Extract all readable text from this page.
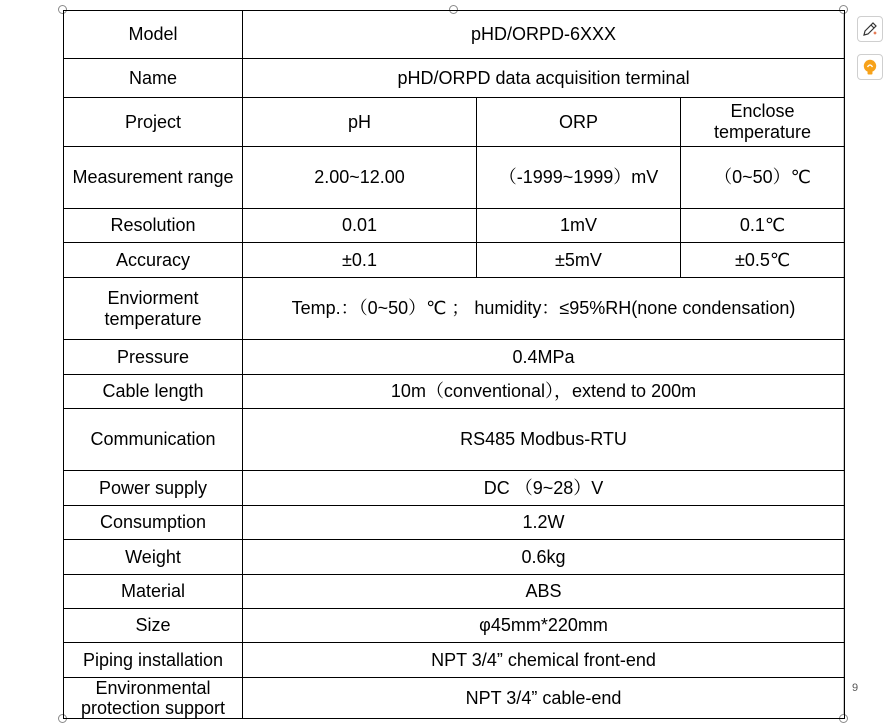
Model	pHD/ORPD-6XXX		
Name	pHD/ORPD data acquisition terminal		
Project	pH	ORP	Enclose temperature
Measurement range	2.00~12.00	（-1999~1999）mV	（0~50）℃
Resolution	0.01	1mV	0.1℃
Accuracy	±0.1	±5mV	±0.5℃
Enviorment temperature	Temp.：（0~50）℃ ； humidity：≤95%RH(none condensation)		
Pressure	0.4MPa		
Cable length	10m（conventional），extend to 200m		
Communication	RS485 Modbus-RTU		
Power supply	DC （9~28）V		
Consumption	1.2W		
Weight	0.6kg		
Material	ABS		
Size	φ45mm*220mm		
Piping installation	NPT 3/4” chemical front-end		
Environmental protection support	NPT 3/4” cable-end			9
